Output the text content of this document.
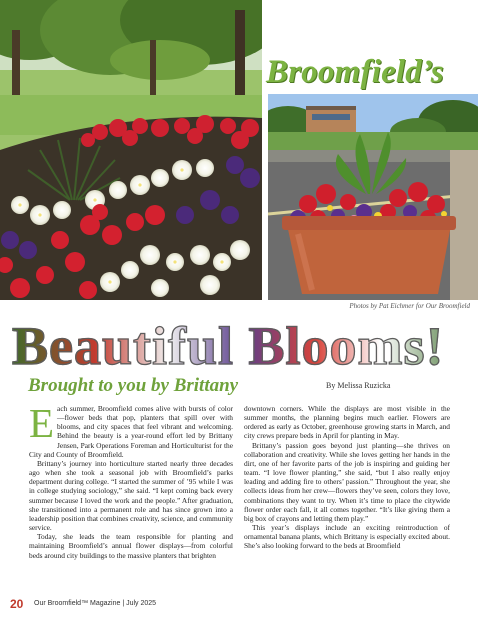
Broomfield’s
Photos by Pat Eichmer for Our Broomfield
Beautiful Blooms!
Brought to you by Brittany	By Melissa Ruzicka

Each summer, Broomfield comes alive with bursts of color—flower beds that pop, planters that spill over with blooms, and city spaces that feel vibrant and welcoming. Behind the beauty is a year-round effort led by Brittany Jensen, Park Operations Foreman and Horticulturist for the City and County of Broomfield.

Brittany’s journey into horticulture started nearly three decades ago when she took a seasonal job with Broomfield’s parks department during college. “I started the summer of ’95 while I was in college studying sociology,” she said. “I kept coming back every summer because I loved the work and the people.” After graduation, she transitioned into a permanent role and has since grown into a leadership position that combines creativity, science, and community service.

Today, she leads the team responsible for planting and maintaining Broomfield’s annual flower displays—from colorful beds around city buildings to the massive planters that brighten

downtown corners. While the displays are most visible in the summer months, the planning begins much earlier. Flowers are ordered as early as October, greenhouse growing starts in March, and city crews prepare beds in April for planting in May.

Brittany’s passion goes beyond just planting—she thrives on collaboration and creativity. While she loves getting her hands in the dirt, one of her favorite parts of the job is inspiring and guiding her team. “I love flower planting,” she said, “but I also really enjoy leading and adding fire to others’ passion.” Throughout the year, she collects ideas from her crew—flowers they’ve seen, colors they love, combinations they want to try. When it’s time to place the citywide flower order each fall, it all comes together. “It’s like giving them a big box of crayons and letting them play.”

This year’s displays include an exciting reintroduction of ornamental banana plants, which Brittany is especially excited about. She’s also looking forward to the beds at Broomfield

20 Our Broomfield™ Magazine | July 2025
